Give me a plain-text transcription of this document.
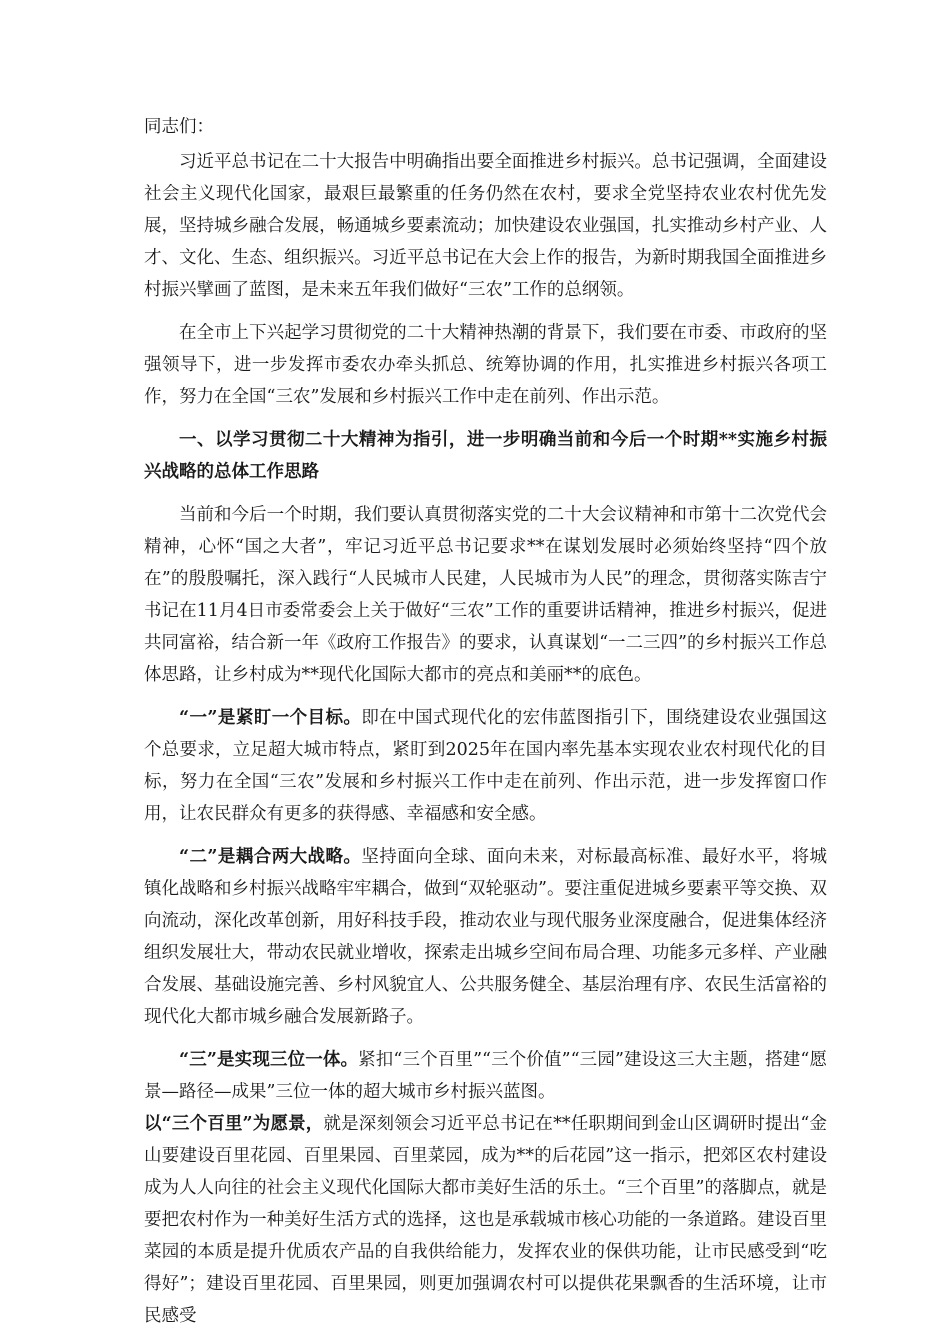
同志们：

习近平总书记在二十大报告中明确指出要全面推进乡村振兴。总书记强调，全面建设社会主义现代化国家，最艰巨最繁重的任务仍然在农村，要求全党坚持农业农村优先发展，坚持城乡融合发展，畅通城乡要素流动；加快建设农业强国，扎实推动乡村产业、人才、文化、生态、组织振兴。习近平总书记在大会上作的报告，为新时期我国全面推进乡村振兴擘画了蓝图，是未来五年我们做好“三农”工作的总纲领。

在全市上下兴起学习贯彻党的二十大精神热潮的背景下，我们要在市委、市政府的坚强领导下，进一步发挥市委农办牵头抓总、统筹协调的作用，扎实推进乡村振兴各项工作，努力在全国“三农”发展和乡村振兴工作中走在前列、作出示范。

一、以学习贯彻二十大精神为指引，进一步明确当前和今后一个时期**实施乡村振兴战略的总体工作思路

当前和今后一个时期，我们要认真贯彻落实党的二十大会议精神和市第十二次党代会精神，心怀“国之大者”，牢记习近平总书记要求**在谋划发展时必须始终坚持“四个放在”的殷殷嘱托，深入践行“人民城市人民建，人民城市为人民”的理念，贯彻落实陈吉宁书记在11月4日市委常委会上关于做好“三农”工作的重要讲话精神，推进乡村振兴，促进共同富裕，结合新一年《政府工作报告》的要求，认真谋划“一二三四”的乡村振兴工作总体思路，让乡村成为**现代化国际大都市的亮点和美丽**的底色。

“一”是紧盯一个目标。即在中国式现代化的宏伟蓝图指引下，围绕建设农业强国这个总要求，立足超大城市特点，紧盯到2025年在国内率先基本实现农业农村现代化的目标，努力在全国“三农”发展和乡村振兴工作中走在前列、作出示范，进一步发挥窗口作用，让农民群众有更多的获得感、幸福感和安全感。

“二”是耦合两大战略。坚持面向全球、面向未来，对标最高标准、最好水平，将城镇化战略和乡村振兴战略牢牢耦合，做到“双轮驱动”。要注重促进城乡要素平等交换、双向流动，深化改革创新，用好科技手段，推动农业与现代服务业深度融合，促进集体经济组织发展壮大，带动农民就业增收，探索走出城乡空间布局合理、功能多元多样、产业融合发展、基础设施完善、乡村风貌宜人、公共服务健全、基层治理有序、农民生活富裕的现代化大都市城乡融合发展新路子。

“三”是实现三位一体。紧扣“三个百里”“三个价值”“三园”建设这三大主题，搭建“愿景—路径—成果”三位一体的超大城市乡村振兴蓝图。

以“三个百里”为愿景，就是深刻领会习近平总书记在**任职期间到金山区调研时提出“金山要建设百里花园、百里果园、百里菜园，成为**的后花园”这一指示，把郊区农村建设成为人人向往的社会主义现代化国际大都市美好生活的乐土。“三个百里”的落脚点，就是要把农村作为一种美好生活方式的选择，这也是承载城市核心功能的一条道路。建设百里菜园的本质是提升优质农产品的自我供给能力，发挥农业的保供功能，让市民感受到“吃得好”；建设百里花园、百里果园，则更加强调农村可以提供花果飘香的生活环境，让市民感受
